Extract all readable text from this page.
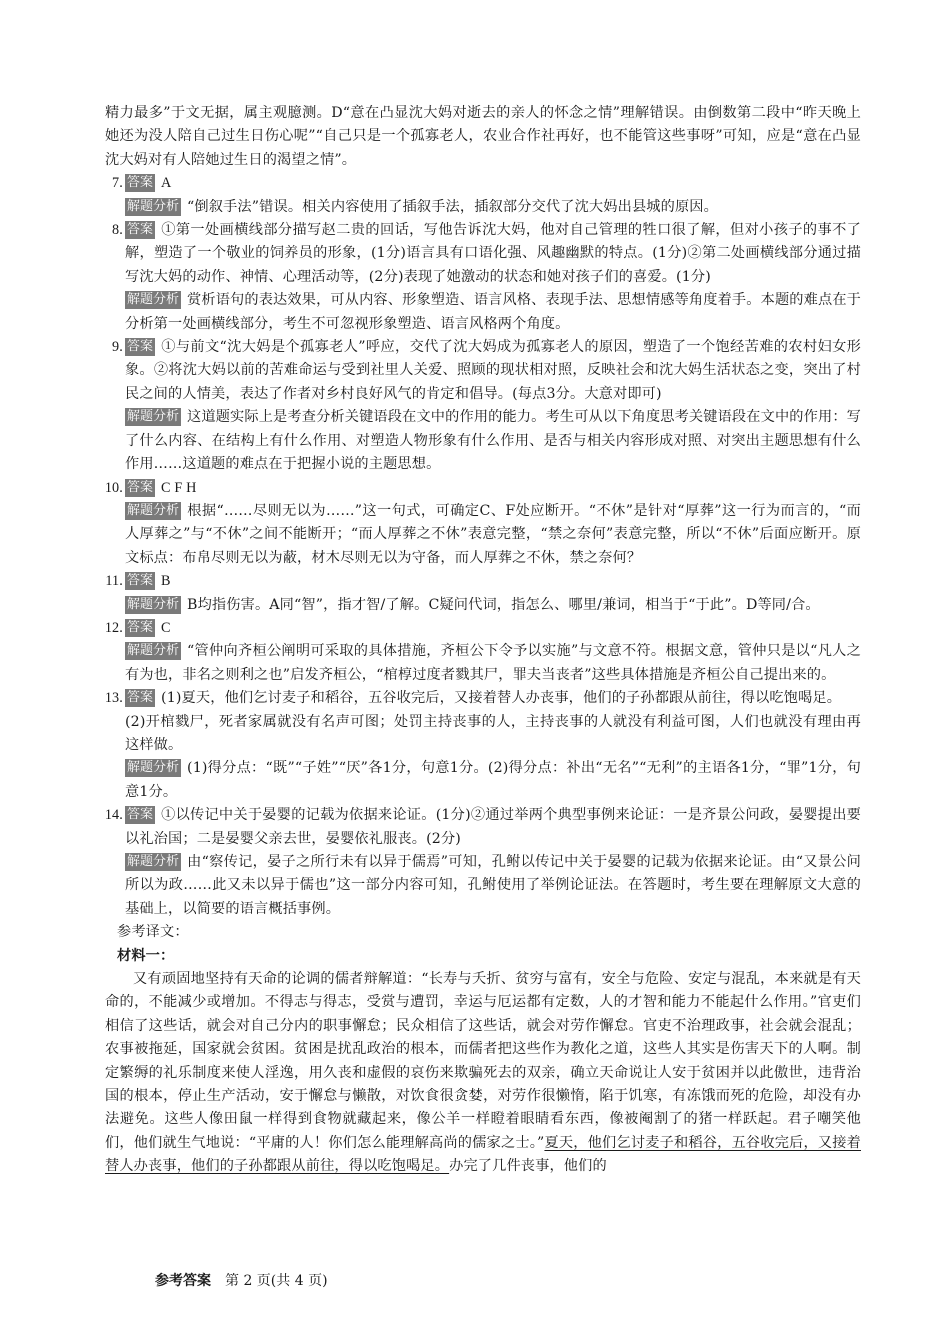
精力最多”于文无据，属主观臆测。D“意在凸显沈大妈对逝去的亲人的怀念之情”理解错误。由倒数第二段中“昨天晚上她还为没人陪自己过生日伤心呢”“自己只是一个孤寡老人，农业合作社再好，也不能管这些事呀”可知，应是“意在凸显沈大妈对有人陪她过生日的渴望之情”。

7. 答案 A

解题分析 “倒叙手法”错误。相关内容使用了插叙手法，插叙部分交代了沈大妈出县城的原因。

8. 答案 ①第一处画横线部分描写赵二贵的回话，写他告诉沈大妈，他对自己管理的牲口很了解，但对小孩子的事不了解，塑造了一个敬业的饲养员的形象，(1分)语言具有口语化强、风趣幽默的特点。(1分)②第二处画横线部分通过描写沈大妈的动作、神情、心理活动等，(2分)表现了她激动的状态和她对孩子们的喜爱。(1分)

解题分析 赏析语句的表达效果，可从内容、形象塑造、语言风格、表现手法、思想情感等角度着手。本题的难点在于分析第一处画横线部分，考生不可忽视形象塑造、语言风格两个角度。

9. 答案 ①与前文“沈大妈是个孤寡老人”呼应，交代了沈大妈成为孤寡老人的原因，塑造了一个饱经苦难的农村妇女形象。②将沈大妈以前的苦难命运与受到社里人关爱、照顾的现状相对照，反映社会和沈大妈生活状态之变，突出了村民之间的人情美，表达了作者对乡村良好风气的肯定和倡导。(每点3分。大意对即可)

解题分析 这道题实际上是考查分析关键语段在文中的作用的能力。考生可从以下角度思考关键语段在文中的作用：写了什么内容、在结构上有什么作用、对塑造人物形象有什么作用、是否与相关内容形成对照、对突出主题思想有什么作用……这道题的难点在于把握小说的主题思想。

10. 答案 C F H

解题分析 根据“……尽则无以为……”这一句式，可确定C、F处应断开。“不休”是针对“厚葬”这一行为而言的，“而人厚葬之”与“不休”之间不能断开；“而人厚葬之不休”表意完整，“禁之奈何”表意完整，所以“不休”后面应断开。原文标点：布帛尽则无以为蔽，材木尽则无以为守备，而人厚葬之不休，禁之奈何？

11. 答案 B

解题分析 B均指伤害。A同“智”，指才智/了解。C疑问代词，指怎么、哪里/兼词，相当于“于此”。D等同/合。

12. 答案 C

解题分析 “管仲向齐桓公阐明可采取的具体措施，齐桓公下令予以实施”与文意不符。根据文意，管仲只是以“凡人之有为也，非名之则利之也”启发齐桓公，“棺椁过度者戮其尸，罪夫当丧者”这些具体措施是齐桓公自己提出来的。

13. 答案 (1)夏天，他们乞讨麦子和稻谷，五谷收完后，又接着替人办丧事，他们的子孙都跟从前往，得以吃饱喝足。

(2)开棺戮尸，死者家属就没有名声可图；处罚主持丧事的人，主持丧事的人就没有利益可图，人们也就没有理由再这样做。

解题分析 (1)得分点：“既”“子姓”“厌”各1分，句意1分。(2)得分点：补出“无名”“无利”的主语各1分，“罪”1分，句意1分。

14. 答案 ①以传记中关于晏婴的记载为依据来论证。(1分)②通过举两个典型事例来论证：一是齐景公问政，晏婴提出要以礼治国；二是晏婴父亲去世，晏婴依礼服丧。(2分)

解题分析 由“察传记，晏子之所行未有以异于儒焉”可知，孔鲋以传记中关于晏婴的记载为依据来论证。由“又景公问所以为政……此又未以异于儒也”这一部分内容可知，孔鲋使用了举例论证法。在答题时，考生要在理解原文大意的基础上，以简要的语言概括事例。

参考译文：

材料一：

又有顽固地坚持有天命的论调的儒者辩解道：“长寿与夭折、贫穷与富有，安全与危险、安定与混乱，本来就是有天命的，不能减少或增加。不得志与得志，受赏与遭罚，幸运与厄运都有定数，人的才智和能力不能起什么作用。”官吏们相信了这些话，就会对自己分内的职事懈怠；民众相信了这些话，就会对劳作懈怠。官吏不治理政事，社会就会混乱；农事被拖延，国家就会贫困。贫困是扰乱政治的根本，而儒者把这些作为教化之道，这些人其实是伤害天下的人啊。制定繁缛的礼乐制度来使人淫逸，用久丧和虚假的哀伤来欺骗死去的双亲，确立天命说让人安于贫困并以此傲世，违背治国的根本，停止生产活动，安于懈怠与懒散，对饮食很贪婪，对劳作很懒惰，陷于饥寒，有冻饿而死的危险，却没有办法避免。这些人像田鼠一样得到食物就藏起来，像公羊一样瞪着眼睛看东西，像被阉割了的猪一样跃起。君子嘲笑他们，他们就生气地说：“平庸的人！你们怎么能理解高尚的儒家之士。”夏天，他们乞讨麦子和稻谷，五谷收完后，又接着替人办丧事，他们的子孙都跟从前往，得以吃饱喝足。办完了几件丧事，他们的

参考答案 第 2 页(共 4 页)
